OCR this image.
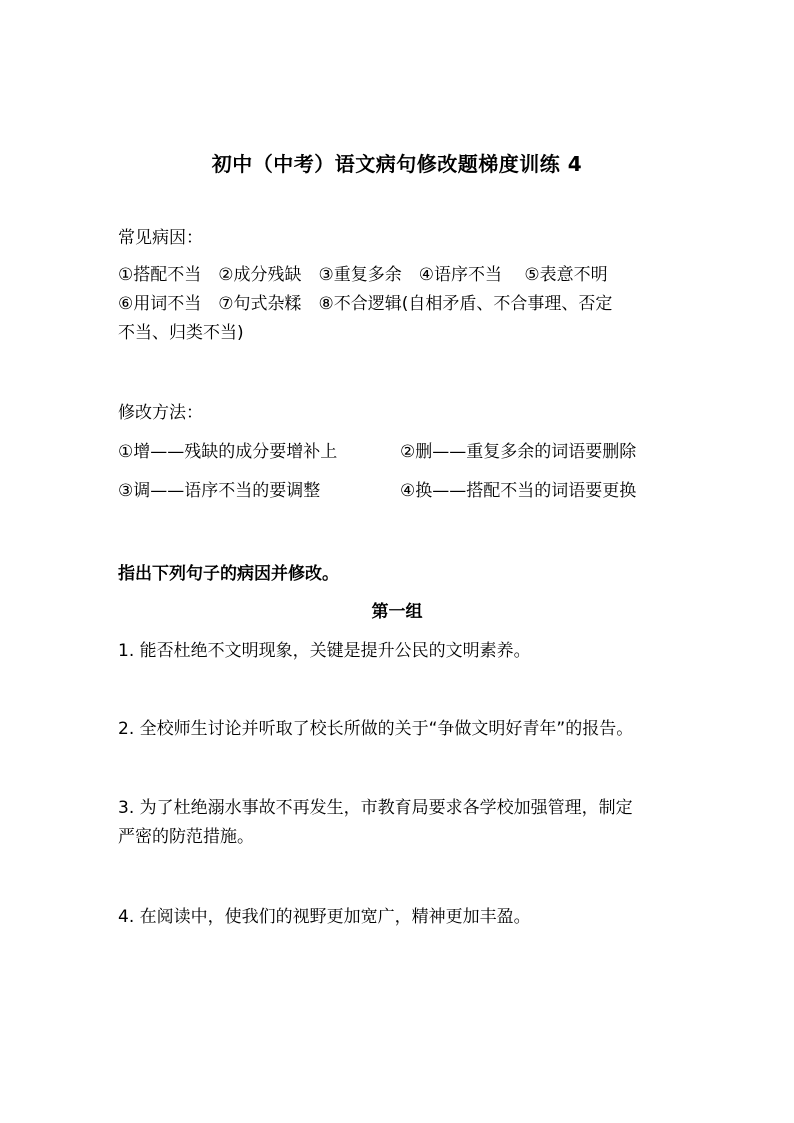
初中（中考）语文病句修改题梯度训练 4
常见病因：
①搭配不当　②成分残缺　③重复多余　④语序不当　 ⑤表意不明
⑥用词不当　⑦句式杂糅　⑧不合逻辑(自相矛盾、不合事理、否定
不当、归类不当)
修改方法：
①增——残缺的成分要增补上	②删——重复多余的词语要删除
③调——语序不当的要调整	④换——搭配不当的词语要更换
指出下列句子的病因并修改。
第一组
1. 能否杜绝不文明现象，关键是提升公民的文明素养。
2. 全校师生讨论并听取了校长所做的关于“争做文明好青年”的报告。
3. 为了杜绝溺水事故不再发生，市教育局要求各学校加强管理，制定
严密的防范措施。
4. 在阅读中，使我们的视野更加宽广，精神更加丰盈。
